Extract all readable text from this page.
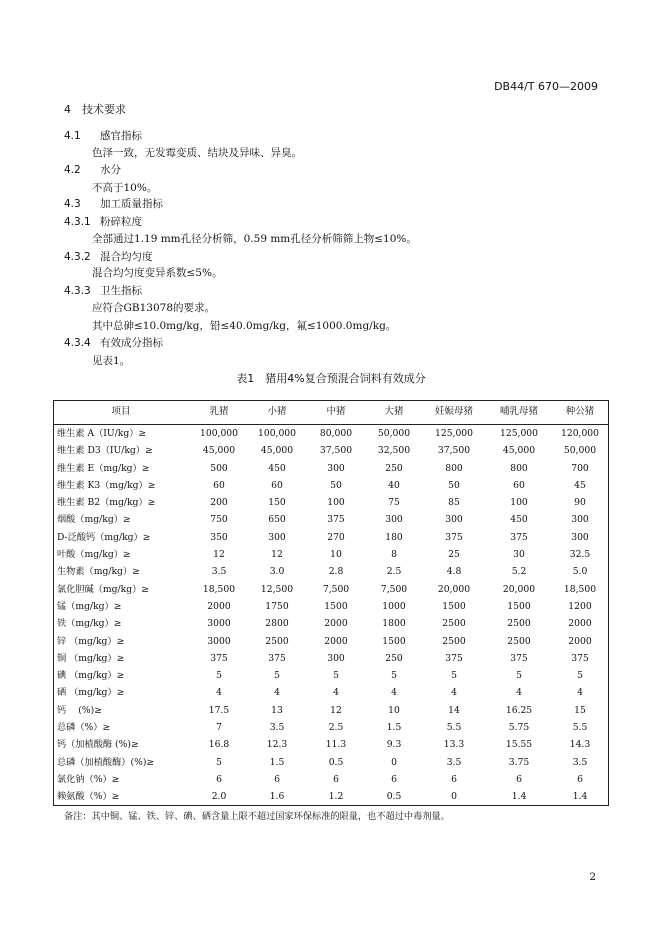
DB44/T 670—2009
4　技术要求
4.1 感官指标
色泽一致，无发霉变质、结块及异味、异臭。
4.2 水分
不高于10%。
4.3 加工质量指标
4.3.1 粉碎粒度
全部通过1.19 mm孔径分析筛，0.59 mm孔径分析筛筛上物≤10%。
4.3.2 混合均匀度
混合均匀度变异系数≤5%。
4.3.3 卫生指标
应符合GB13078的要求。
其中总砷≤10.0mg/kg，铅≤40.0mg/kg，氟≤1000.0mg/kg。
4.3.4 有效成分指标
见表1。
表1　猪用4%复合预混合饲料有效成分
项目	乳猪	小猪	中猪	大猪	妊娠母猪	哺乳母猪	种公猪
维生素 A（IU/kg）≥	100,000	100,000	80,000	50,000	125,000	125,000	120,000
维生素 D3（IU/kg）≥	45,000	45,000	37,500	32,500	37,500	45,000	50,000
维生素 E（mg/kg）≥	500	450	300	250	800	800	700
维生素 K3（mg/kg）≥	60	60	50	40	50	60	45
维生素 B2（mg/kg）≥	200	150	100	75	85	100	90
烟酸（mg/kg）≥	750	650	375	300	300	450	300
D-泛酸钙（mg/kg）≥	350	300	270	180	375	375	300
叶酸（mg/kg）≥	12	12	10	8	25	30	32.5
生物素（mg/kg）≥	3.5	3.0	2.8	2.5	4.8	5.2	5.0
氯化胆碱（mg/kg）≥	18,500	12,500	7,500	7,500	20,000	20,000	18,500
锰（mg/kg）≥	2000	1750	1500	1000	1500	1500	1200
铁（mg/kg）≥	3000	2800	2000	1800	2500	2500	2000
锌 （mg/kg）≥	3000	2500	2000	1500	2500	2500	2000
铜 （mg/kg）≥	375	375	300	250	375	375	375
碘 （mg/kg）≥	5	5	5	5	5	5	5
硒 （mg/kg）≥	4	4	4	4	4	4	4
钙　 (%)≥	17.5	13	12	10	14	16.25	15
总磷（%）≥	7	3.5	2.5	1.5	5.5	5.75	5.5
钙（加植酸酶 (%)≥	16.8	12.3	11.3	9.3	13.3	15.55	14.3
总磷（加植酸酶）(%)≥	5	1.5	0.5	0	3.5	3.75	3.5
氯化钠（%）≥	6	6	6	6	6	6	6
赖氨酸（%）≥	2.0	1.6	1.2	0.5	0	1.4	1.4
备注：其中铜、锰、铁、锌、碘、硒含量上限不超过国家环保标准的限量，也不超过中毒剂量。
2
